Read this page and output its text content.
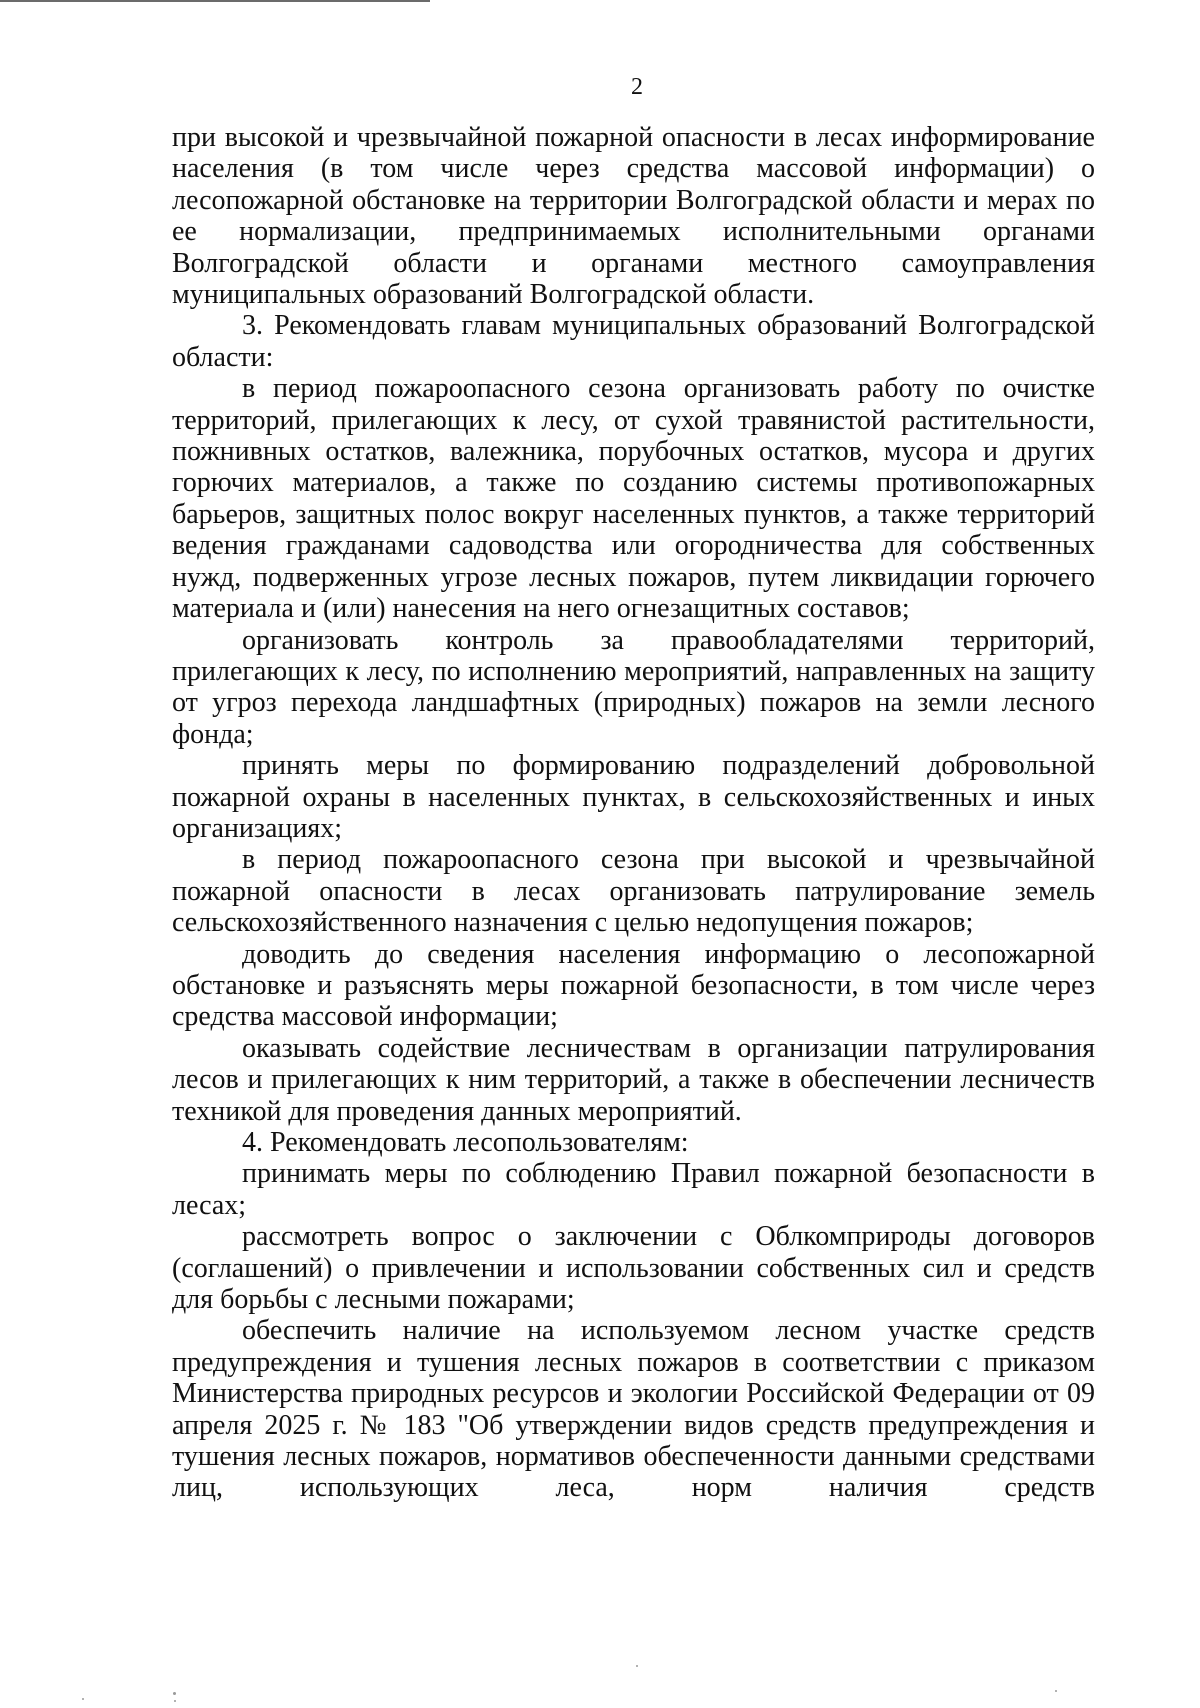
2

при высокой и чрезвычайной пожарной опасности в лесах информирование населения (в том числе через средства массовой информации) о лесопожарной обстановке на территории Волгоградской области и мерах по ее нормализации, предпринимаемых исполнительными органами Волгоградской области и органами местного самоуправления муниципальных образований Волгоградской области.

3. Рекомендовать главам муниципальных образований Волгоградской области:

в период пожароопасного сезона организовать работу по очистке территорий, прилегающих к лесу, от сухой травянистой растительности, пожнивных остатков, валежника, порубочных остатков, мусора и других горючих материалов, а также по созданию системы противопожарных барьеров, защитных полос вокруг населенных пунктов, а также территорий ведения гражданами садоводства или огородничества для собственных нужд, подверженных угрозе лесных пожаров, путем ликвидации горючего материала и (или) нанесения на него огнезащитных составов;

организовать контроль за правообладателями территорий, прилегающих к лесу, по исполнению мероприятий, направленных на защиту от угроз перехода ландшафтных (природных) пожаров на земли лесного фонда;

принять меры по формированию подразделений добровольной пожарной охраны в населенных пунктах, в сельскохозяйственных и иных организациях;

в период пожароопасного сезона при высокой и чрезвычайной пожарной опасности в лесах организовать патрулирование земель сельскохозяйственного назначения с целью недопущения пожаров;

доводить до сведения населения информацию о лесопожарной обстановке и разъяснять меры пожарной безопасности, в том числе через средства массовой информации;

оказывать содействие лесничествам в организации патрулирования лесов и прилегающих к ним территорий, а также в обеспечении лесничеств техникой для проведения данных мероприятий.

4. Рекомендовать лесопользователям:

принимать меры по соблюдению Правил пожарной безопасности в лесах;

рассмотреть вопрос о заключении с Облкомприроды договоров (соглашений) о привлечении и использовании собственных сил и средств для борьбы с лесными пожарами;

обеспечить наличие на используемом лесном участке средств предупреждения и тушения лесных пожаров в соответствии с приказом Министерства природных ресурсов и экологии Российской Федерации от 09 апреля 2025 г. № 183 "Об утверждении видов средств предупреждения и тушения лесных пожаров, нормативов обеспеченности данными средствами лиц, использующих леса, норм наличия средств
